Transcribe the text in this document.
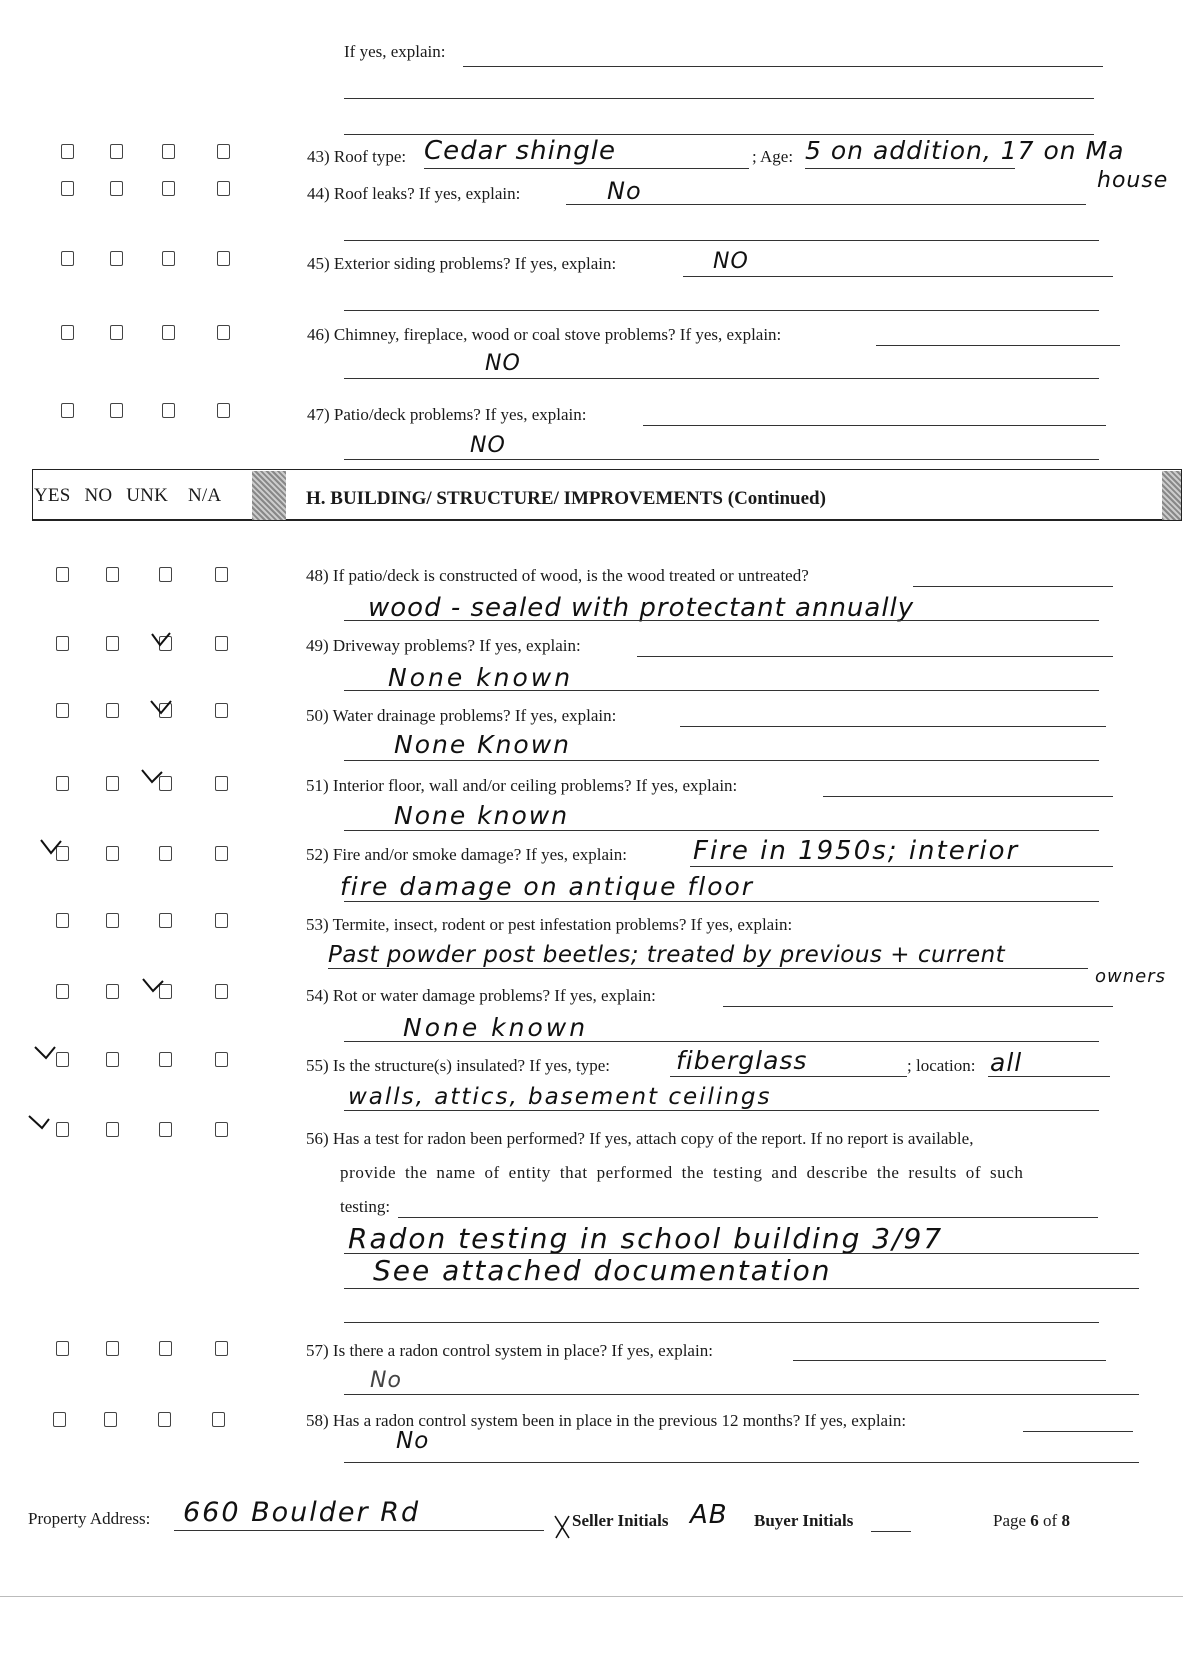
If yes, explain:
43) Roof type: Cedar shingle	; Age: 5 on addition, 17 on Ma
house
44) Roof leaks? If yes, explain:	No
45) Exterior siding problems? If yes, explain:	NO
46) Chimney, fireplace, wood or coal stove problems? If yes, explain:
NO
47) Patio/deck problems? If yes, explain:
NO
YES NO UNK N/A	H. BUILDING/ STRUCTURE/ IMPROVEMENTS (Continued)
48) If patio/deck is constructed of wood, is the wood treated or untreated?
wood - sealed with protectant annually
49) Driveway problems? If yes, explain:
None known
50) Water drainage problems? If yes, explain:
None Known
51) Interior floor, wall and/or ceiling problems? If yes, explain:
None known
52) Fire and/or smoke damage? If yes, explain:	Fire in 1950s; interior
fire damage on antique floor
53) Termite, insect, rodent or pest infestation problems? If yes, explain:
Past powder post beetles; treated by previous + current
owners
54) Rot or water damage problems? If yes, explain:
None known
55) Is the structure(s) insulated? If yes, type:	fiberglass	; location: all
walls, attics, basement ceilings
56) Has a test for radon been performed? If yes, attach copy of the report. If no report is available,
provide the name of entity that performed the testing and describe the results of such
testing:
Radon testing in school building 3/97
See attached documentation
57) Is there a radon control system in place? If yes, explain:
No
58) Has a radon control system been in place in the previous 12 months? If yes, explain:
No
Property Address: 660 Boulder Rd	Seller Initials AB Buyer Initials	Page 6 of 8
